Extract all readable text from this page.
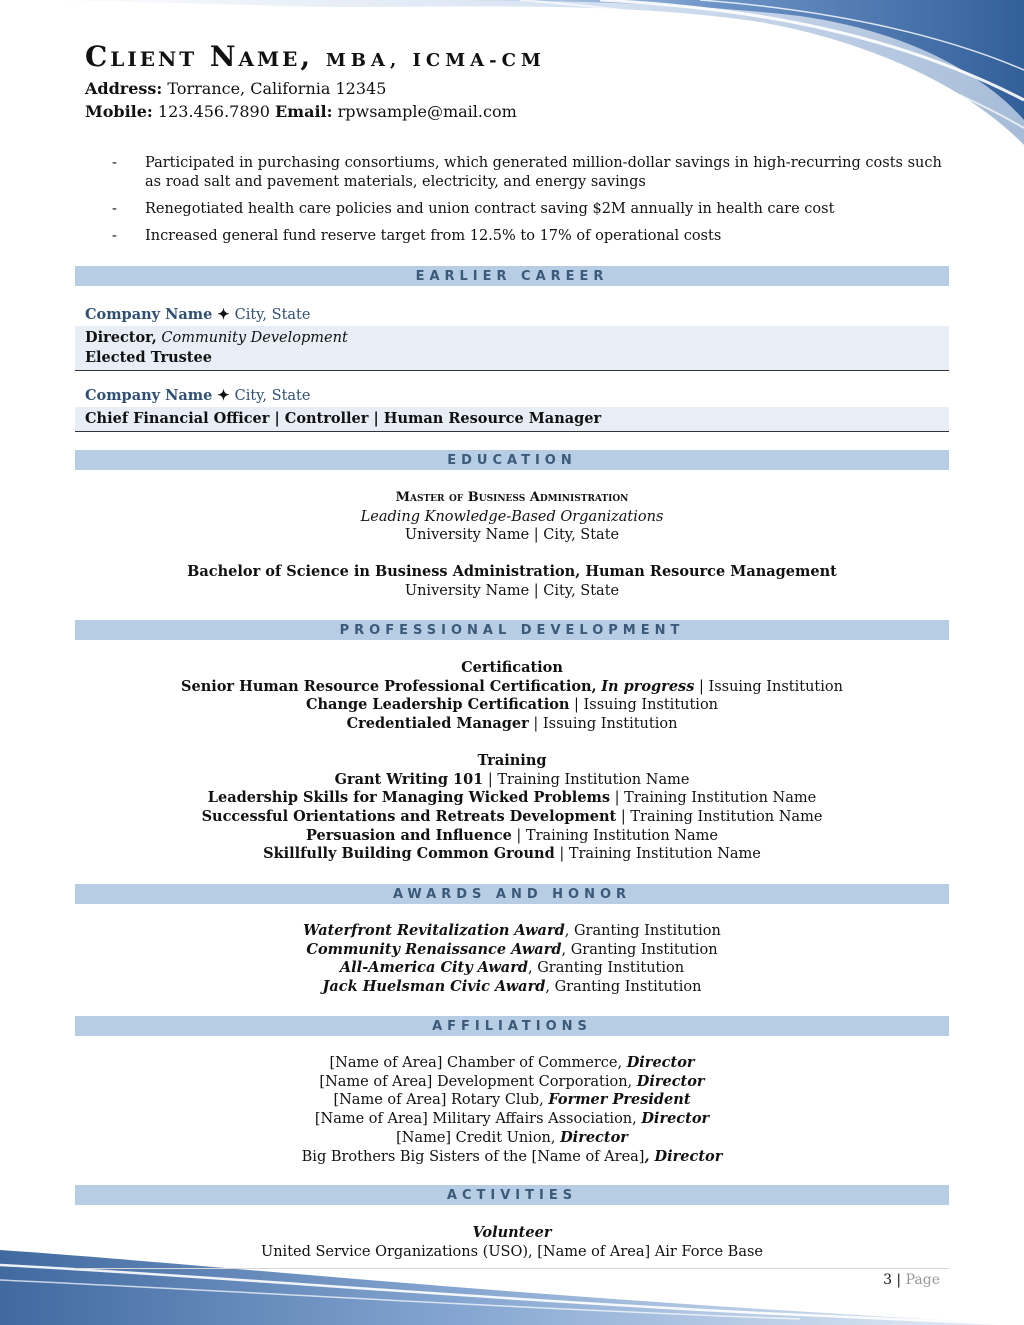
Client Name, MBA, ICMA-CM
Address: Torrance, California 12345
Mobile: 123.456.7890 Email: rpwsample@mail.com
-	Participated in purchasing consortiums, which generated million-dollar savings in high-recurring costs such as road salt and pavement materials, electricity, and energy savings
-	Renegotiated health care policies and union contract saving $2M annually in health care cost
-	Increased general fund reserve target from 12.5% to 17% of operational costs
EARLIER CAREER
Company Name ✦ City, State
Director, Community Development
Elected Trustee
Company Name ✦ City, State
Chief Financial Officer | Controller | Human Resource Manager
EDUCATION
Master of Business Administration
Leading Knowledge-Based Organizations
University Name | City, State
Bachelor of Science in Business Administration, Human Resource Management
University Name | City, State
PROFESSIONAL DEVELOPMENT
Certification
Senior Human Resource Professional Certification, In progress | Issuing Institution
Change Leadership Certification | Issuing Institution
Credentialed Manager | Issuing Institution
Training
Grant Writing 101 | Training Institution Name
Leadership Skills for Managing Wicked Problems | Training Institution Name
Successful Orientations and Retreats Development | Training Institution Name
Persuasion and Influence | Training Institution Name
Skillfully Building Common Ground | Training Institution Name
AWARDS AND HONOR
Waterfront Revitalization Award, Granting Institution
Community Renaissance Award, Granting Institution
All-America City Award, Granting Institution
Jack Huelsman Civic Award, Granting Institution
AFFILIATIONS
[Name of Area] Chamber of Commerce, Director
[Name of Area] Development Corporation, Director
[Name of Area] Rotary Club, Former President
[Name of Area] Military Affairs Association, Director
[Name] Credit Union, Director
Big Brothers Big Sisters of the [Name of Area], Director
ACTIVITIES
Volunteer
United Service Organizations (USO), [Name of Area] Air Force Base
3 | Page
